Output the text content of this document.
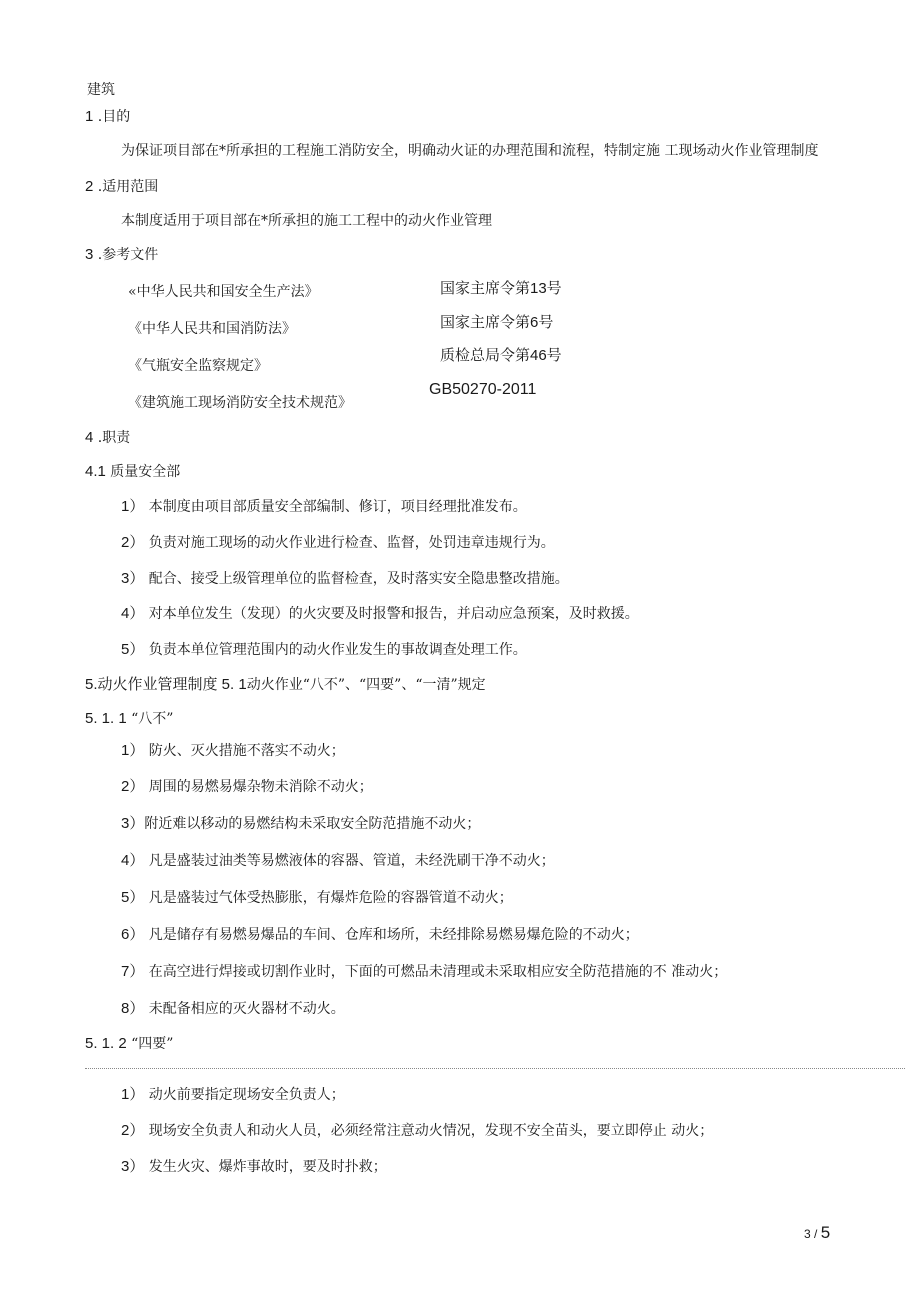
建筑
1 .目的
为保证项目部在*所承担的工程施工消防安全，明确动火证的办理范围和流程，特制定施 工现场动火作业管理制度
2 .适用范围
本制度适用于项目部在*所承担的施工工程中的动火作业管理
3 .参考文件
«中华人民共和国安全生产法》	国家主席令第13号
《中华人民共和国消防法》	国家主席令第6号
《气瓶安全监察规定》
质检总局令第46号
《建筑施工现场消防安全技术规范》
GB50270-2011
4 .职责
4.1 质量安全部
1） 本制度由项目部质量安全部编制、修订，项目经理批准发布。
2） 负责对施工现场的动火作业进行检查、监督，处罚违章违规行为。
3） 配合、接受上级管理单位的监督检查，及时落实安全隐患整改措施。
4） 对本单位发生（发现）的火灾要及时报警和报告，并启动应急预案，及时救援。
5） 负责本单位管理范围内的动火作业发生的事故调查处理工作。
5.动火作业管理制度 5. 1动火作业“八不”、“四要”、“一清”规定
5. 1. 1 “八不”
1） 防火、灭火措施不落实不动火；
2） 周围的易燃易爆杂物未消除不动火；
3）附近难以移动的易燃结构未采取安全防范措施不动火；
4） 凡是盛装过油类等易燃液体的容器、管道，未经洗刷干净不动火；
5） 凡是盛装过气体受热膨胀，有爆炸危险的容器管道不动火；
6） 凡是储存有易燃易爆品的车间、仓库和场所，未经排除易燃易爆危险的不动火；
7） 在高空进行焊接或切割作业时，下面的可燃品未清理或未采取相应安全防范措施的不 准动火；
8） 未配备相应的灭火器材不动火。
5. 1. 2 “四要”
1） 动火前要指定现场安全负责人；
2） 现场安全负责人和动火人员，必须经常注意动火情况，发现不安全苗头，要立即停止 动火；
3） 发生火灾、爆炸事故时，要及时扑救；
3 / 5
